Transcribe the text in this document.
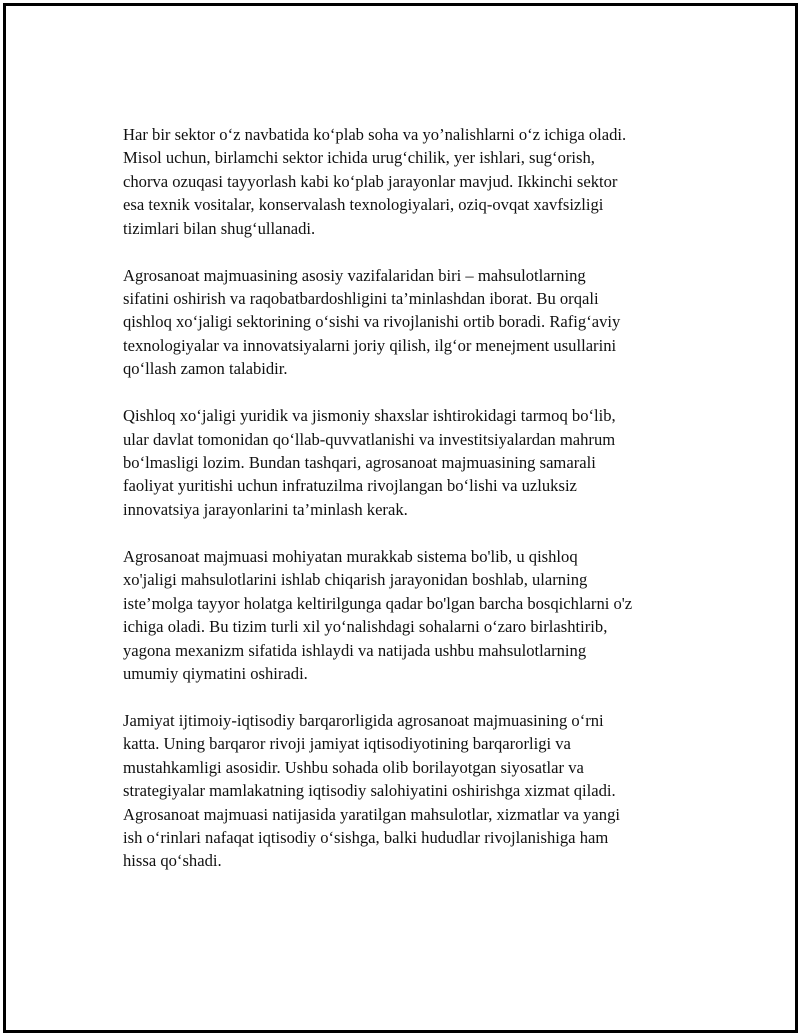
Har bir sektor o‘z navbatida ko‘plab soha va yo’nalishlarni o‘z ichiga oladi.
Misol uchun, birlamchi sektor ichida urug‘chilik, yer ishlari, sug‘orish,
chorva ozuqasi tayyorlash kabi ko‘plab jarayonlar mavjud. Ikkinchi sektor
esa texnik vositalar, konservalash texnologiyalari, oziq-ovqat xavfsizligi
tizimlari bilan shug‘ullanadi.

Agrosanoat majmuasining asosiy vazifalaridan biri – mahsulotlarning
sifatini oshirish va raqobatbardoshligini ta’minlashdan iborat. Bu orqali
qishloq xo‘jaligi sektorining o‘sishi va rivojlanishi ortib boradi. Rafig‘aviy
texnologiyalar va innovatsiyalarni joriy qilish, ilg‘or menejment usullarini
qo‘llash zamon talabidir.

Qishloq xo‘jaligi yuridik va jismoniy shaxslar ishtirokidagi tarmoq bo‘lib,
ular davlat tomonidan qo‘llab-quvvatlanishi va investitsiyalardan mahrum
bo‘lmasligi lozim. Bundan tashqari, agrosanoat majmuasining samarali
faoliyat yuritishi uchun infratuzilma rivojlangan bo‘lishi va uzluksiz
innovatsiya jarayonlarini ta’minlash kerak.

Agrosanoat majmuasi mohiyatan murakkab sistema bo'lib, u qishloq
xo'jaligi mahsulotlarini ishlab chiqarish jarayonidan boshlab, ularning
iste’molga tayyor holatga keltirilgunga qadar bo'lgan barcha bosqichlarni o'z
ichiga oladi. Bu tizim turli xil yo‘nalishdagi sohalarni o‘zaro birlashtirib,
yagona mexanizm sifatida ishlaydi va natijada ushbu mahsulotlarning
umumiy qiymatini oshiradi.

Jamiyat ijtimoiy-iqtisodiy barqarorligida agrosanoat majmuasining o‘rni
katta. Uning barqaror rivoji jamiyat iqtisodiyotining barqarorligi va
mustahkamligi asosidir. Ushbu sohada olib borilayotgan siyosatlar va
strategiyalar mamlakatning iqtisodiy salohiyatini oshirishga xizmat qiladi.
Agrosanoat majmuasi natijasida yaratilgan mahsulotlar, xizmatlar va yangi
ish o‘rinlari nafaqat iqtisodiy o‘sishga, balki hududlar rivojlanishiga ham
hissa qo‘shadi.
